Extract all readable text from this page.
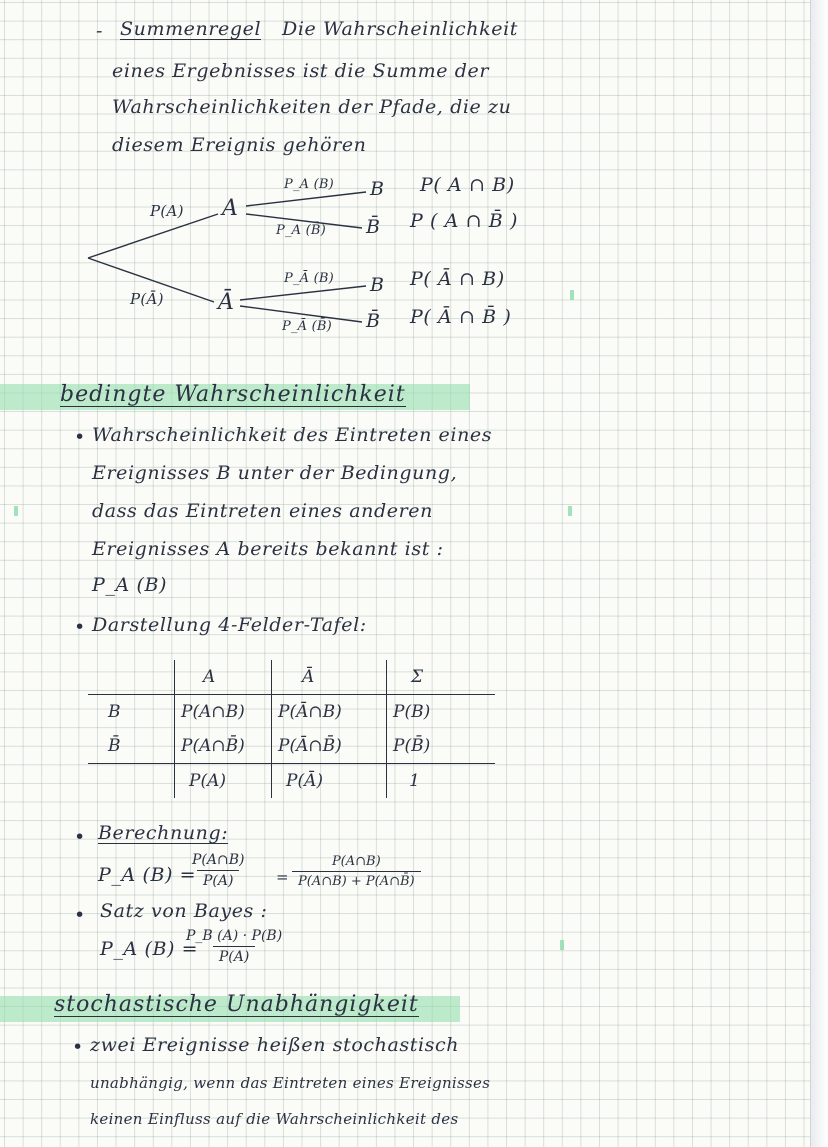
- Summenregel Die Wahrscheinlichkeit
eines Ergebnisses ist die Summe der
Wahrscheinlichkeiten der Pfade, die zu
diesem Ereignis gehören
P(A)
P(Ā)
A
Ā
P_A (B)
P_A (B̄)
P_Ā (B)
P_Ā (B̄)
B
B̄
B
B̄
P( A ∩ B)
P ( A ∩ B̄ )
P( Ā ∩ B)
P( Ā ∩ B̄ )
bedingte Wahrscheinlichkeit
• Wahrscheinlichkeit des Eintreten eines
Ereignisses B unter der Bedingung,
dass das Eintreten eines anderen
Ereignisses A bereits bekannt ist :
P_A (B)
• Darstellung 4-Felder-Tafel:
	A	Ā	Σ
B	P(A∩B)	P(Ā∩B)	P(B)
B̄	P(A∩B̄)	P(Ā∩B̄)	P(B̄)
	P(A)	P(Ā)	1
• Berechnung:
P_A (B) =
$\frac{P(A\cap B)}{P(A)} = \frac{P(A\cap B)}{P(A\cap B) + P(A\cap B̄)}$
• Satz von Bayes :
P_A (B) =
$\frac{P\_B (A) \cdot P(B)}{P(A)}$
stochastische Unabhängigkeit
• zwei Ereignisse heißen stochastisch
unabhängig, wenn das Eintreten eines Ereignisses
keinen Einfluss auf die Wahrscheinlichkeit des
